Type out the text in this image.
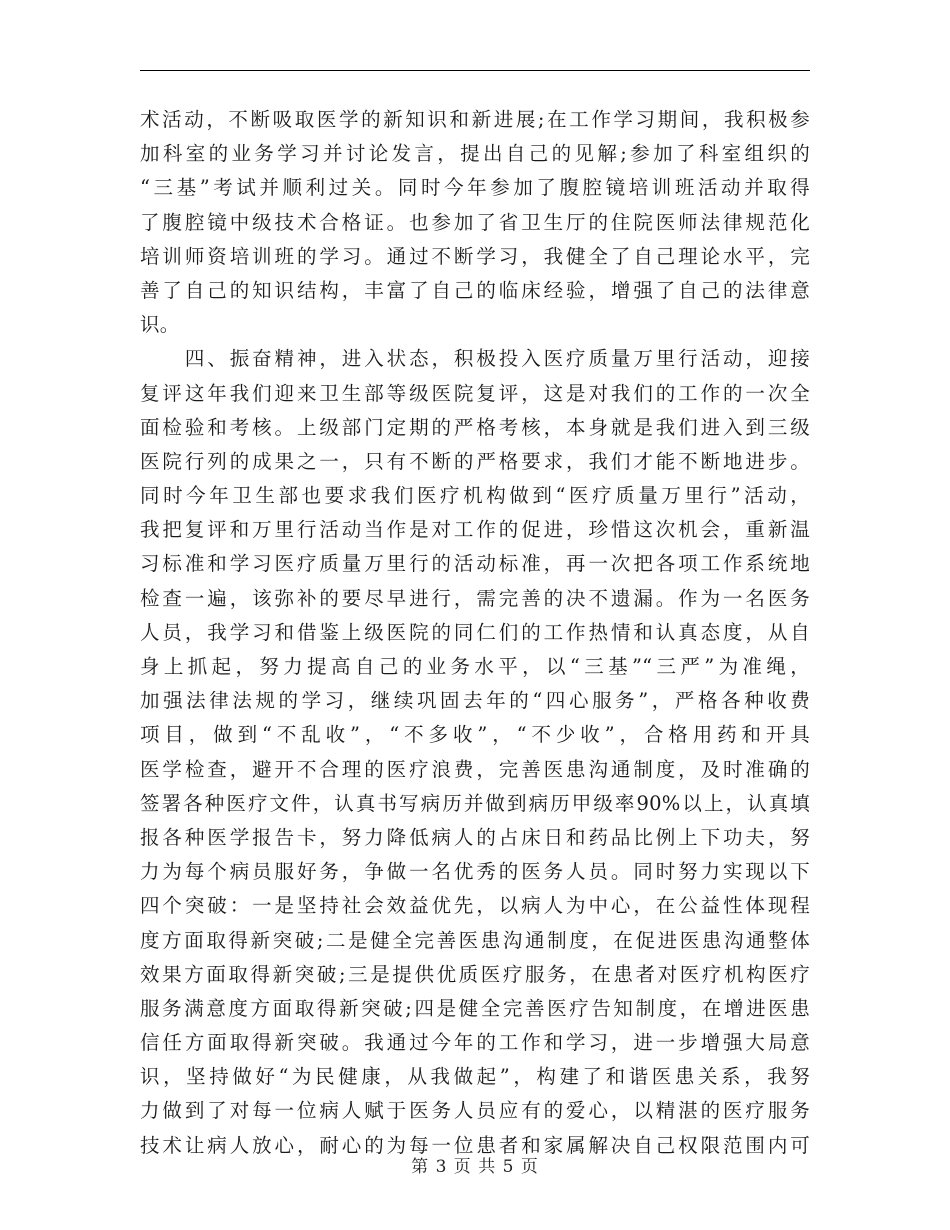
术活动，不断吸取医学的新知识和新进展;在工作学习期间，我积极参
加科室的业务学习并讨论发言，提出自己的见解;参加了科室组织的
“三基”考试并顺利过关。同时今年参加了腹腔镜培训班活动并取得
了腹腔镜中级技术合格证。也参加了省卫生厅的住院医师法律规范化
培训师资培训班的学习。通过不断学习，我健全了自己理论水平，完
善了自己的知识结构，丰富了自己的临床经验，增强了自己的法律意
识。
　　四、振奋精神，进入状态，积极投入医疗质量万里行活动，迎接
复评这年我们迎来卫生部等级医院复评，这是对我们的工作的一次全
面检验和考核。上级部门定期的严格考核，本身就是我们进入到三级
医院行列的成果之一，只有不断的严格要求，我们才能不断地进步。
同时今年卫生部也要求我们医疗机构做到“医疗质量万里行”活动，
我把复评和万里行活动当作是对工作的促进，珍惜这次机会，重新温
习标准和学习医疗质量万里行的活动标准，再一次把各项工作系统地
检查一遍，该弥补的要尽早进行，需完善的决不遗漏。作为一名医务
人员，我学习和借鉴上级医院的同仁们的工作热情和认真态度，从自
身上抓起，努力提高自己的业务水平，以“三基”“三严”为准绳，
加强法律法规的学习，继续巩固去年的“四心服务”，严格各种收费
项目，做到“不乱收”，“不多收”，“不少收”，合格用药和开具
医学检查，避开不合理的医疗浪费，完善医患沟通制度，及时准确的
签署各种医疗文件，认真书写病历并做到病历甲级率90%以上，认真填
报各种医学报告卡，努力降低病人的占床日和药品比例上下功夫，努
力为每个病员服好务，争做一名优秀的医务人员。同时努力实现以下
四个突破：一是坚持社会效益优先，以病人为中心，在公益性体现程
度方面取得新突破;二是健全完善医患沟通制度，在促进医患沟通整体
效果方面取得新突破;三是提供优质医疗服务，在患者对医疗机构医疗
服务满意度方面取得新突破;四是健全完善医疗告知制度，在增进医患
信任方面取得新突破。我通过今年的工作和学习，进一步增强大局意
识，坚持做好“为民健康，从我做起”，构建了和谐医患关系，我努
力做到了对每一位病人赋于医务人员应有的爱心，以精湛的医疗服务
技术让病人放心，耐心的为每一位患者和家属解决自己权限范围内可
第 3 页 共 5 页
